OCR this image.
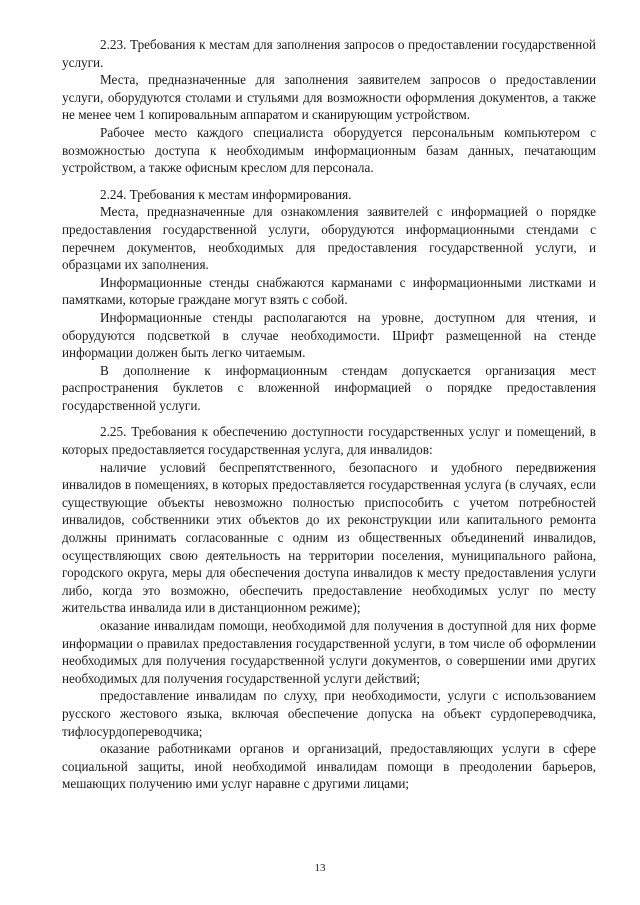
2.23. Требования к местам для заполнения запросов о предоставлении государственной услуги.

Места, предназначенные для заполнения заявителем запросов о предоставлении услуги, оборудуются столами и стульями для возможности оформления документов, а также не менее чем 1 копировальным аппаратом и сканирующим устройством.

Рабочее место каждого специалиста оборудуется персональным компьютером с возможностью доступа к необходимым информационным базам данных, печатающим устройством, а также офисным креслом для персонала.

2.24. Требования к местам информирования.

Места, предназначенные для ознакомления заявителей с информацией о порядке предоставления государственной услуги, оборудуются информационными стендами с перечнем документов, необходимых для предоставления государственной услуги, и образцами их заполнения.

Информационные стенды снабжаются карманами с информационными листками и памятками, которые граждане могут взять с собой.

Информационные стенды располагаются на уровне, доступном для чтения, и оборудуются подсветкой в случае необходимости. Шрифт размещенной на стенде информации должен быть легко читаемым.

В дополнение к информационным стендам допускается организация мест распространения буклетов с вложенной информацией о порядке предоставления государственной услуги.

2.25. Требования к обеспечению доступности государственных услуг и помещений, в которых предоставляется государственная услуга, для инвалидов:

наличие условий беспрепятственного, безопасного и удобного передвижения инвалидов в помещениях, в которых предоставляется государственная услуга (в случаях, если существующие объекты невозможно полностью приспособить с учетом потребностей инвалидов, собственники этих объектов до их реконструкции или капитального ремонта должны принимать согласованные с одним из общественных объединений инвалидов, осуществляющих свою деятельность на территории поселения, муниципального района, городского округа, меры для обеспечения доступа инвалидов к месту предоставления услуги либо, когда это возможно, обеспечить предоставление необходимых услуг по месту жительства инвалида или в дистанционном режиме);

оказание инвалидам помощи, необходимой для получения в доступной для них форме информации о правилах предоставления государственной услуги, в том числе об оформлении необходимых для получения государственной услуги документов, о совершении ими других необходимых для получения государственной услуги действий;

предоставление инвалидам по слуху, при необходимости, услуги с использованием русского жестового языка, включая обеспечение допуска на объект сурдопереводчика, тифлосурдопереводчика;

оказание работниками органов и организаций, предоставляющих услуги в сфере социальной защиты, иной необходимой инвалидам помощи в преодолении барьеров, мешающих получению ими услуг наравне с другими лицами;

13
